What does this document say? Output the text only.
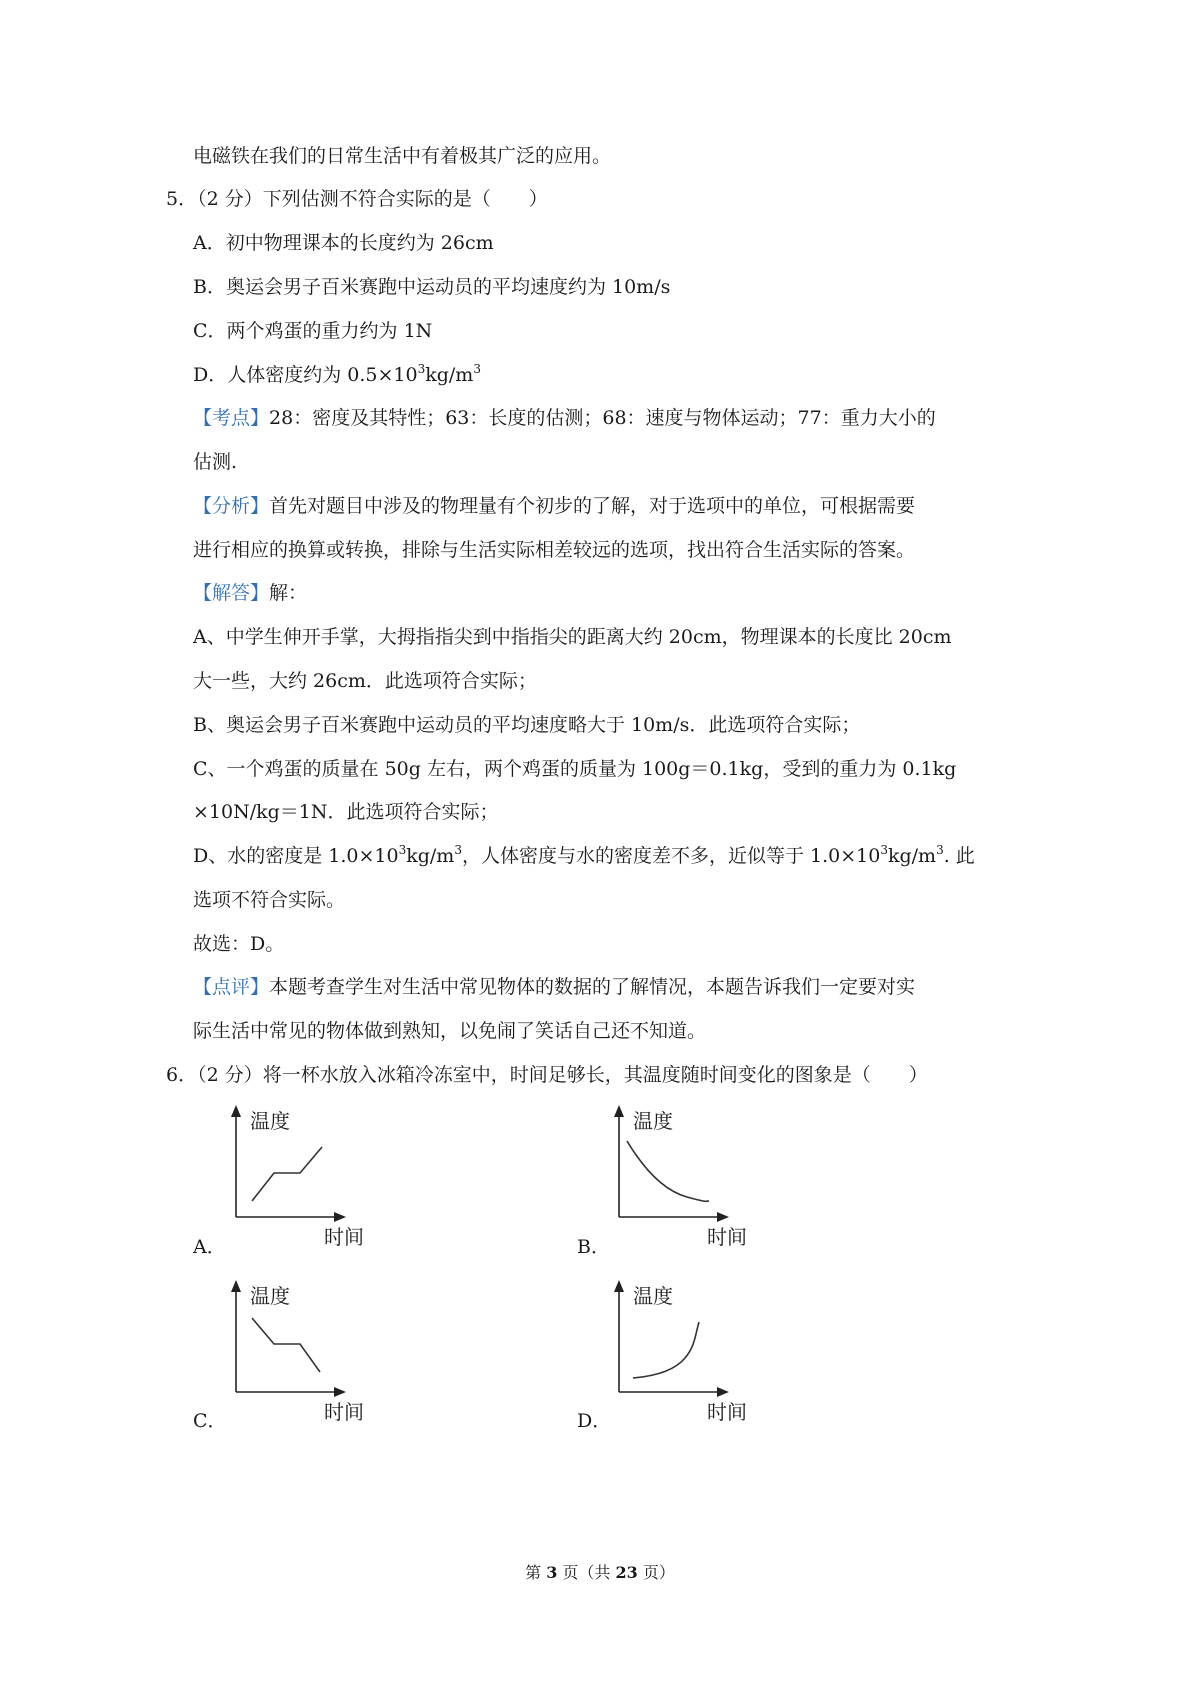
电磁铁在我们的日常生活中有着极其广泛的应用。
5．（2 分）下列估测不符合实际的是（　　）
A．初中物理课本的长度约为 26cm
B．奥运会男子百米赛跑中运动员的平均速度约为 10m/s
C．两个鸡蛋的重力约为 1N
D．人体密度约为 $0.5\times 10^3kg/m^3$
【考点】28：密度及其特性；63：长度的估测；68：速度与物体运动；77：重力大小的
估测.
【分析】首先对题目中涉及的物理量有个初步的了解，对于选项中的单位，可根据需要
进行相应的换算或转换，排除与生活实际相差较远的选项，找出符合生活实际的答案。
【解答】解：
A、中学生伸开手掌，大拇指指尖到中指指尖的距离大约 20cm，物理课本的长度比 20cm
大一些，大约 26cm．此选项符合实际；
B、奥运会男子百米赛跑中运动员的平均速度略大于 10m/s．此选项符合实际；
C、一个鸡蛋的质量在 50g 左右，两个鸡蛋的质量为 100g＝0.1kg，受到的重力为 0.1kg
×10N/kg＝1N．此选项符合实际；
D、水的密度是 $1.0\times 10^3kg/m^3$，人体密度与水的密度差不多，近似等于 $1.0\times 10^3kg/m^3$. 此
选项不符合实际。
故选：D。
【点评】本题考查学生对生活中常见物体的数据的了解情况，本题告诉我们一定要对实
际生活中常见的物体做到熟知，以免闹了笑话自己还不知道。
6．（2 分）将一杯水放入冰箱冷冻室中，时间足够长，其温度随时间变化的图象是（　　）
温度
时间
A．
温度
时间
B．
温度
时间
C．
温度
时间
D．
第 3 页（共 23 页）
